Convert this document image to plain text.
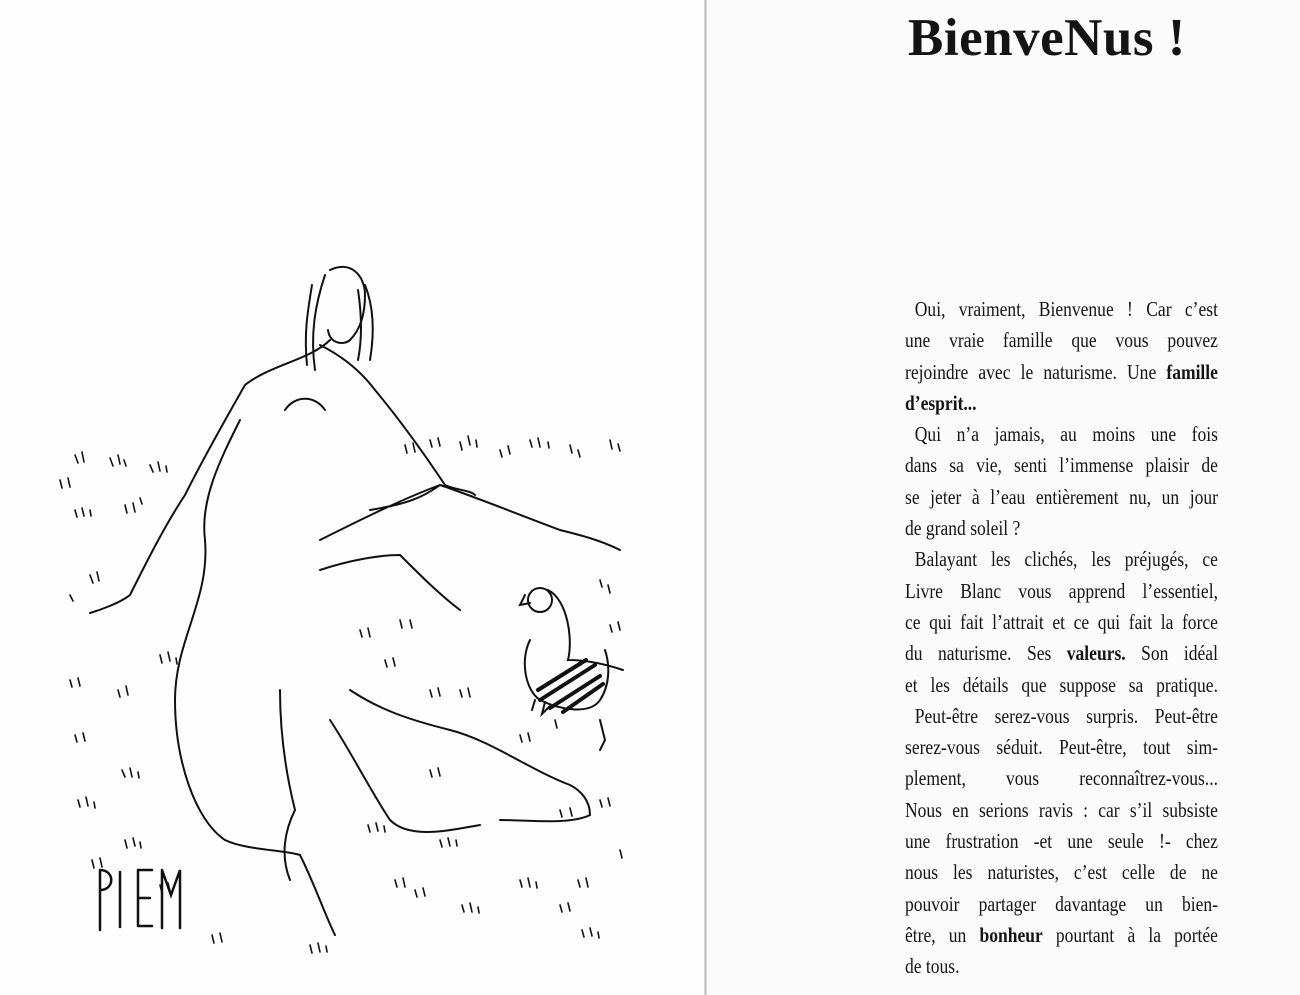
BienveNus !
Oui, vraiment, Bienvenue ! Car c’est
une vraie famille que vous pouvez
rejoindre avec le naturisme. Une famille
d’esprit...
Qui n’a jamais, au moins une fois
dans sa vie, senti l’immense plaisir de
se jeter à l’eau entièrement nu, un jour
de grand soleil ?
Balayant les clichés, les préjugés, ce
Livre Blanc vous apprend l’essentiel,
ce qui fait l’attrait et ce qui fait la force
du naturisme. Ses valeurs. Son idéal
et les détails que suppose sa pratique.
Peut-être serez-vous surpris. Peut-être
serez-vous séduit. Peut-être, tout sim-
plement, vous reconnaîtrez-vous...
Nous en serions ravis : car s’il subsiste
une frustration -et une seule !- chez
nous les naturistes, c’est celle de ne
pouvoir partager davantage un bien-
être, un bonheur pourtant à la portée
de tous.
